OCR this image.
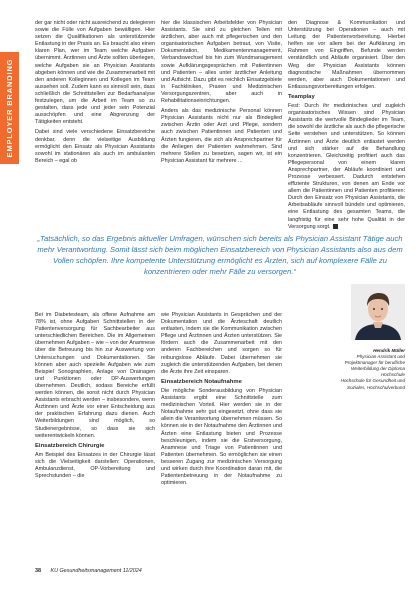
EMPLOYER BRANDING

der gar nicht oder nicht ausreichend zu delegieren sowie die Fülle von Aufgaben bewältigen. Hier setzen die Qualifikationen als unterstützende Entlastung in der Praxis an. Es braucht also einen klaren Plan, wer im Team welche Aufgaben übernimmt. Ärztinnen und Ärzte sollten überlegen, welche Aufgaben sie an Physician Assistants abgeben können und wie die Zusammenarbeit mit den anderen Kolleginnen und Kollegen im Team aussehen soll. Zudem kann es sinnvoll sein, dass schließlich die Schnittstellen zur Bedarfsanalyse festzulegen, um die Arbeit im Team so zu gestalten, dass jede und jeder sein Potenzial ausschöpfen und eine Abgrenzung der Tätigkeiten entsteht.

Dabei sind viele verschiedene Einsatzbereiche denkbar, denn die vielseitige Ausbildung ermöglicht den Einsatz als Physician Assistants sowohl im stationären als auch im ambulanten Bereich – egal ob

hier die klassischen Arbeitsfelder von Physician Assistants. Sie sind zu gleichen Teilen mit ärztlichen, aber auch mit pflegerischen und den organisatorischen Aufgaben betraut, von Visite, Dokumentation, Medikamentenmanagement, Verbandswechsel bis hin zum Wundmanagement sowie Aufklärungsgesprächen mit Patientinnen und Patienten – alles unter ärztlicher Anleitung und Aufsicht. Dazu gibt es reichlich Einsatzgebiete in Fachkliniken, Praxen und Medizinischen Versorgungszentren, aber auch in Rehabilitationseinrichtungen.

Anders als das medizinische Personal können Physician Assistants nicht nur als Bindeglied zwischen Ärztin oder Arzt und Pflege, sondern auch zwischen Patientinnen und Patienten und Ärzten fungieren, die sich als Ansprechpartner für die Anliegen der Patienten wahrnehmen. Sind mehrere Stellen zu besetzen, sagen wir, ist ein Physician Assistant für mehrere ...

den Diagnose & Kommunikation und Unterstützung bei Operationen – auch mit Leitung der Patientenvorbereitung. Hierbei helfen sie vor allem bei der Aufklärung im Rahmen von Eingriffen, Befunde werden verständlich und Abläufe organisiert. Über den Weg der Physician Assistants können diagnostische Maßnahmen übernommen werden, aber auch Dokumentationen und Entlassungsvorbereitungen erfolgen.

Teamplay

Fest: Durch ihr medizinisches und zugleich organisatorisches Wissen sind Physician Assistants die wertvolle Bindeglieder im Team, die sowohl die ärztliche als auch die pflegerische Seite verstehen und unterstützen. So können Ärztinnen und Ärzte deutlich entlastet werden und sich stärker auf die Behandlung konzentrieren. Gleichzeitig profitiert auch das Pflegepersonal von einem klaren Ansprechpartner, der Abläufe koordiniert und Prozesse verbessert. Dadurch entstehen effiziente Strukturen, von denen am Ende vor allem die Patientinnen und Patienten profitieren: Durch den Einsatz von Physician Assistants, die Arbeitsabläufe sinnvoll bündeln und optimieren, eine Entlastung des gesamten Teams, die langfristig für eine sehr hohe Qualität in der Versorgung sorgt.

„Tatsächlich, so das Ergebnis aktueller Umfragen, wünschen sich bereits als Physician Assistant Tätige auch mehr Verantwortung. Somit lässt sich beim möglichen Einsatzbereich von Physician Assistants also aus dem Vollen schöpfen. Ihre kompetente Unterstützung ermöglicht es Ärzten, sich auf komplexere Fälle zu konzentrieren oder mehr Fälle zu versorgen.“

Bei im Diabetesteam, als offene Aufnahme am 78% ist, ohne Aufgaben Schnittstellen in der Patientenversorgung für Sachbearbeiter aus unterschiedlichen Bereichen. Die im Allgemeinen übernehmen Aufgaben – wie – von der Anamnese über die Betreuung bis hin zur Auswertung von Untersuchungen und Dokumentationen. Sie können aber auch spezielle Aufgaben wie zum Beispiel Sonographien, Anlage von Drainagen und Punktionen oder DP-Auswertungen übernehmen. Deutlich, sodass Bereiche erfüllt werden können, die sonst nicht durch Physician Assistants erbracht werden – insbesondere, wenn Ärztinnen und Ärzte vor einer Entscheidung aus der praktischen Erfahrung dazu dienen. Auch Weiterbildungen sind möglich, so Studienergebnisse, so dass sie sich weiterentwickeln können.

Einsatzbereich Chirurgie

Am Beispiel des Einsatzes in der Chirurgie lässt sich die Vielseitigkeit darstellen: Operationen, Ambulanzdienst, OP-Vorbereitung und Sprechstunden – die

wie Physician Assistants in Gesprächen und der Dokumentation und die Ärzteschaft deutlich entlasten, indem sie die Kommunikation zwischen Pflege und Ärztinnen und Ärzten unterstützen. Sie fördern auch die Zusammenarbeit mit den anderen Fachbereichen und sorgen so für reibungslose Abläufe. Dabei übernehmen sie zugleich die unterstützenden Aufgaben, bei denen die Ärzte ihre Zeit einsparen.

Einsatzbereich Notaufnahme

Die mögliche Sonderausbildung von Physician Assistants ergibt eine Schnittstelle zum medizinischen Vorteil. Hier werden sie in der Notaufnahme sehr gut eingesetzt, ohne dass sie allein die Verantwortung übernehmen müssen. So können sie in der Notaufnahme den Ärztinnen und Ärzten eine Entlastung bieten und Prozesse beschleunigen, indem sie die Erstversorgung, Anamnese und Triage von Patientinnen und Patienten übernehmen. So ermöglichen sie einen besseren Zugang zur medizinischen Versorgung und wirken durch ihre Koordination daran mit, die Patientenbetreuung in der Notaufnahme zu optimieren.

Hendrik Müller
Physician Assistant und Projektmanager für berufliche Weiterbildung der Diploma Hochschule
Hochschule für Gesundheit und Soziales, Hochschulverbund
38 KU Gesundheitsmanagement 11/2024
